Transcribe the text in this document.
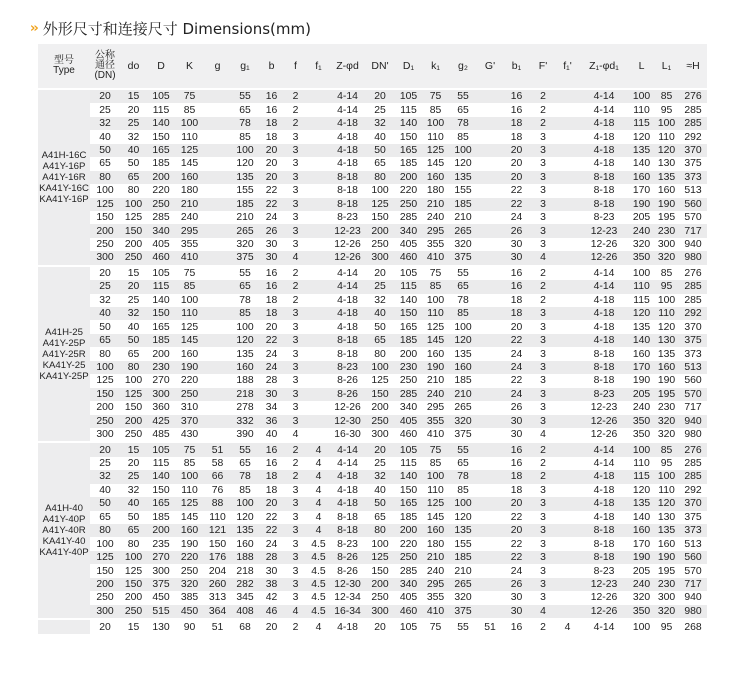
›› 外形尺寸和连接尺寸 Dimensions(mm)
型号
Type	公称
通径
(DN)	do	D	K	g	g₁	b	f	f₁	Z-φd	DN'	D₁	k₁	g₂	G'	b₁	F'	f₁'	Z₁-φd₁	L	L₁	≈H
A41H-16C
A41Y-16P
A41Y-16R
KA41Y-16C
KA41Y-16P	20	15	105	75		55	16	2		4-14	20	105	75	55		16	2		4-14	100	85	276
	25	20	115	85		65	16	2		4-14	25	115	85	65		16	2		4-14	110	95	285
	32	25	140	100		78	18	2		4-18	32	140	100	78		18	2		4-18	115	100	285
	40	32	150	110		85	18	3		4-18	40	150	110	85		18	3		4-18	120	110	292
	50	40	165	125		100	20	3		4-18	50	165	125	100		20	3		4-18	135	120	370
	65	50	185	145		120	20	3		4-18	65	185	145	120		20	3		4-18	140	130	375
	80	65	200	160		135	20	3		8-18	80	200	160	135		20	3		8-18	160	135	373
	100	80	220	180		155	22	3		8-18	100	220	180	155		22	3		8-18	170	160	513
	125	100	250	210		185	22	3		8-18	125	250	210	185		22	3		8-18	190	190	560
	150	125	285	240		210	24	3		8-23	150	285	240	210		24	3		8-23	205	195	570
	200	150	340	295		265	26	3		12-23	200	340	295	265		26	3		12-23	240	230	717
	250	200	405	355		320	30	3		12-26	250	405	355	320		30	3		12-26	320	300	940
	300	250	460	410		375	30	4		12-26	300	460	410	375		30	4		12-26	350	320	980
A41H-25
A41Y-25P
A41Y-25R
KA41Y-25
KA41Y-25P	20	15	105	75		55	16	2		4-14	20	105	75	55		16	2		4-14	100	85	276
	25	20	115	85		65	16	2		4-14	25	115	85	65		16	2		4-14	110	95	285
	32	25	140	100		78	18	2		4-18	32	140	100	78		18	2		4-18	115	100	285
	40	32	150	110		85	18	3		4-18	40	150	110	85		18	3		4-18	120	110	292
	50	40	165	125		100	20	3		4-18	50	165	125	100		20	3		4-18	135	120	370
	65	50	185	145		120	22	3		8-18	65	185	145	120		22	3		4-18	140	130	375
	80	65	200	160		135	24	3		8-18	80	200	160	135		24	3		8-18	160	135	373
	100	80	230	190		160	24	3		8-23	100	230	190	160		24	3		8-18	170	160	513
	125	100	270	220		188	28	3		8-26	125	250	210	185		22	3		8-18	190	190	560
	150	125	300	250		218	30	3		8-26	150	285	240	210		24	3		8-23	205	195	570
	200	150	360	310		278	34	3		12-26	200	340	295	265		26	3		12-23	240	230	717
	250	200	425	370		332	36	3		12-30	250	405	355	320		30	3		12-26	350	320	940
	300	250	485	430		390	40	4		16-30	300	460	410	375		30	4		12-26	350	320	980
A41H-40
A41Y-40P
A41Y-40R
KA41Y-40
KA41Y-40P	20	15	105	75	51	55	16	2	4	4-14	20	105	75	55		16	2		4-14	100	85	276
	25	20	115	85	58	65	16	2	4	4-14	25	115	85	65		16	2		4-14	110	95	285
	32	25	140	100	66	78	18	2	4	4-18	32	140	100	78		18	2		4-18	115	100	285
	40	32	150	110	76	85	18	3	4	4-18	40	150	110	85		18	3		4-18	120	110	292
	50	40	165	125	88	100	20	3	4	4-18	50	165	125	100		20	3		4-18	135	120	370
	65	50	185	145	110	120	22	3	4	8-18	65	185	145	120		22	3		4-18	140	130	375
	80	65	200	160	121	135	22	3	4	8-18	80	200	160	135		20	3		8-18	160	135	373
	100	80	235	190	150	160	24	3	4.5	8-23	100	220	180	155		22	3		8-18	170	160	513
	125	100	270	220	176	188	28	3	4.5	8-26	125	250	210	185		22	3		8-18	190	190	560
	150	125	300	250	204	218	30	3	4.5	8-26	150	285	240	210		24	3		8-23	205	195	570
	200	150	375	320	260	282	38	3	4.5	12-30	200	340	295	265		26	3		12-23	240	230	717
	250	200	450	385	313	345	42	3	4.5	12-34	250	405	355	320		30	3		12-26	320	300	940
	300	250	515	450	364	408	46	4	4.5	16-34	300	460	410	375		30	4		12-26	350	320	980
	20	15	130	90	51	68	20	2	4	4-18	20	105	75	55	51	16	2	4	4-14	100	95	268
